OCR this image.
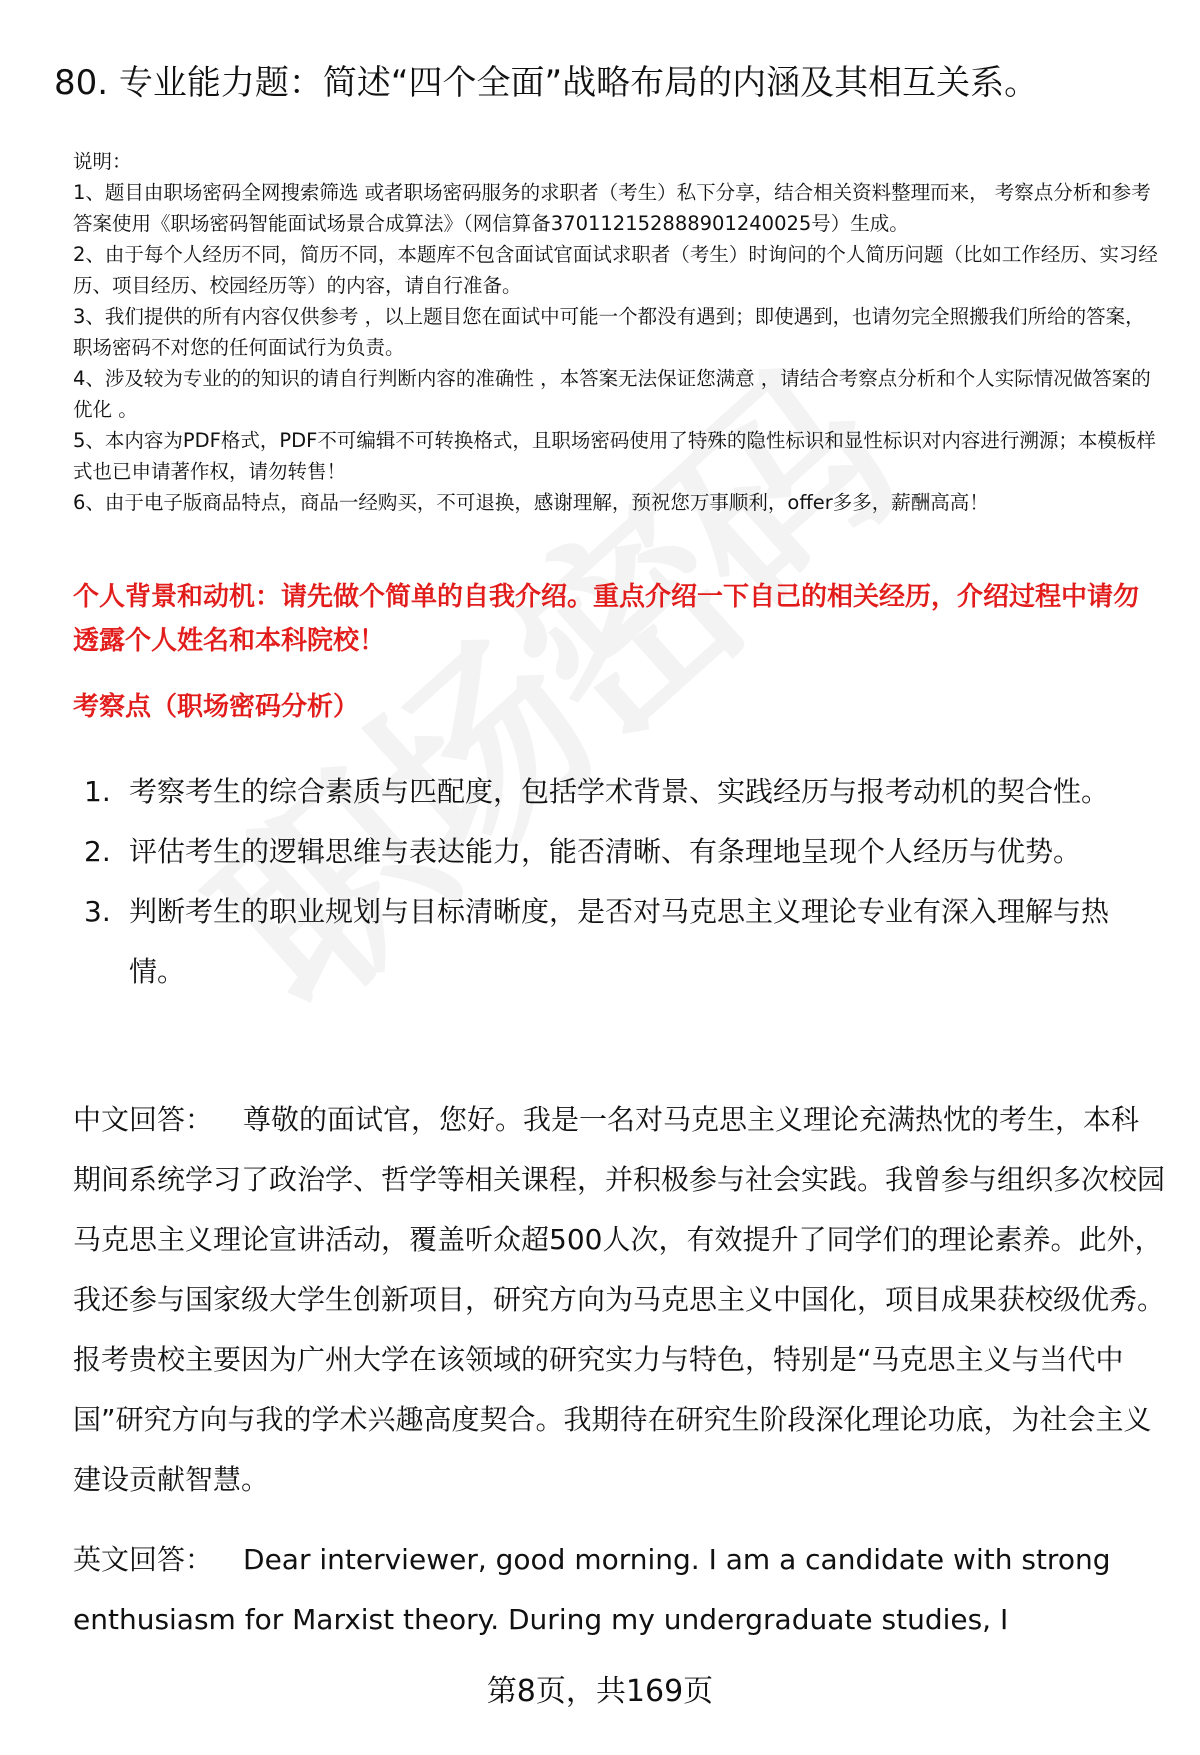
80. 专业能力题：简述“四个全面”战略布局的内涵及其相互关系。

说明：

1、题目由职场密码全网搜索筛选 或者职场密码服务的求职者（考生）私下分享，结合相关资料整理而来， 考察点分析和参考答案使用《职场密码智能面试场景合成算法》（网信算备370112152888901240025号）生成。

2、由于每个人经历不同，简历不同，本题库不包含面试官面试求职者（考生）时询问的个人简历问题（比如工作经历、实习经历、项目经历、校园经历等）的内容，请自行准备。

3、我们提供的所有内容仅供参考 ，以上题目您在面试中可能一个都没有遇到；即使遇到，也请勿完全照搬我们所给的答案，职场密码不对您的任何面试行为负责。

4、涉及较为专业的的知识的请自行判断内容的准确性 ，本答案无法保证您满意 ，请结合考察点分析和个人实际情况做答案的优化 。

5、本内容为PDF格式，PDF不可编辑不可转换格式，且职场密码使用了特殊的隐性标识和显性标识对内容进行溯源；本模板样式也已申请著作权，请勿转售！

6、由于电子版商品特点，商品一经购买，不可退换，感谢理解，预祝您万事顺利，offer多多，薪酬高高！

个人背景和动机：请先做个简单的自我介绍。重点介绍一下自己的相关经历，介绍过程中请勿透露个人姓名和本科院校！
考察点（职场密码分析）
1. 考察考生的综合素质与匹配度，包括学术背景、实践经历与报考动机的契合性。
2. 评估考生的逻辑思维与表达能力，能否清晰、有条理地呈现个人经历与优势。
3. 判断考生的职业规划与目标清晰度，是否对马克思主义理论专业有深入理解与热情。
中文回答： 尊敬的面试官，您好。我是一名对马克思主义理论充满热忱的考生，本科期间系统学习了政治学、哲学等相关课程，并积极参与社会实践。我曾参与组织多次校园马克思主义理论宣讲活动，覆盖听众超500人次，有效提升了同学们的理论素养。此外，我还参与国家级大学生创新项目，研究方向为马克思主义中国化，项目成果获校级优秀。报考贵校主要因为广州大学在该领域的研究实力与特色，特别是“马克思主义与当代中国”研究方向与我的学术兴趣高度契合。我期待在研究生阶段深化理论功底，为社会主义建设贡献智慧。
英文回答： Dear interviewer, good morning. I am a candidate with strong enthusiasm for Marxist theory. During my undergraduate studies, I
第8页，共169页
